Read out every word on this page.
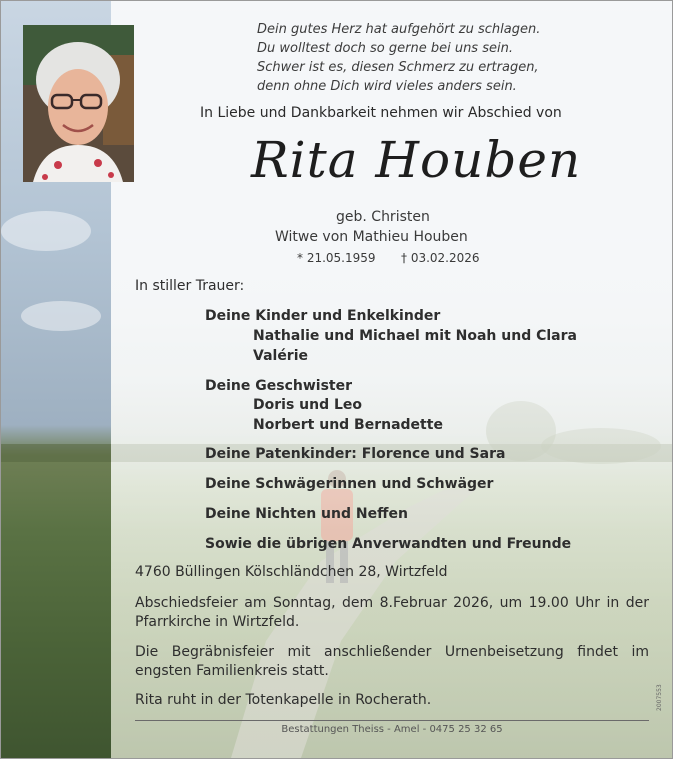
Dein gutes Herz hat aufgehört zu schlagen.
Du wolltest doch so gerne bei uns sein.
Schwer ist es, diesen Schmerz zu ertragen,
denn ohne Dich wird vieles anders sein.
In Liebe und Dankbarkeit nehmen wir Abschied von
Rita Houben
geb. Christen
Witwe von Mathieu Houben
* 21.05.1959 † 03.02.2026
In stiller Trauer:
Deine Kinder und Enkelkinder
Nathalie und Michael mit Noah und Clara
Valérie
Deine Geschwister
Doris und Leo
Norbert und Bernadette
Deine Patenkinder: Florence und Sara
Deine Schwägerinnen und Schwäger
Deine Nichten und Neffen
Sowie die übrigen Anverwandten und Freunde
4760 Büllingen Kölschländchen 28, Wirtzfeld
Abschiedsfeier am Sonntag, dem 8.Februar 2026, um 19.00 Uhr in der Pfarrkirche in Wirtzfeld.
Die Begräbnisfeier mit anschließender Urnenbeisetzung findet im engsten Familienkreis statt.
Rita ruht in der Totenkapelle in Rocherath.
Bestattungen Theiss - Amel - 0475 25 32 65
2007553
